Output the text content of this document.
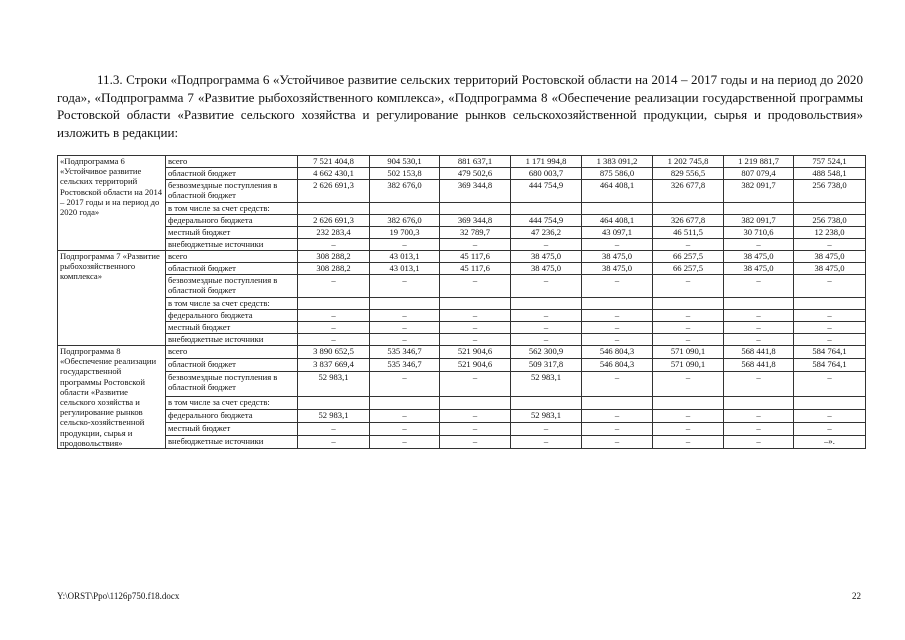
11.3. Строки «Подпрограмма 6 «Устойчивое развитие сельских территорий Ростовской области на 2014 – 2017 годы и на период до 2020 года», «Подпрограмма 7 «Развитие рыбохозяйственного комплекса», «Подпрограмма 8 «Обеспечение реализации государственной программы Ростовской области «Развитие сельского хозяйства и регулирование рынков сельскохозяйственной продукции, сырья и продовольствия» изложить в редакции:

«Подпрограмма 6 «Устойчивое развитие сельских территорий Ростовской области на 2014 – 2017 годы и на период до 2020 года»	всего	7 521 404,8	904 530,1	881 637,1	1 171 994,8	1 383 091,2	1 202 745,8	1 219 881,7	757 524,1
	областной бюджет	4 662 430,1	502 153,8	479 502,6	680 003,7	875 586,0	829 556,5	807 079,4	488 548,1
	безвозмездные поступления в областной бюджет	2 626 691,3	382 676,0	369 344,8	444 754,9	464 408,1	326 677,8	382 091,7	256 738,0
	в том числе за счет средств:								
	федерального бюджета	2 626 691,3	382 676,0	369 344,8	444 754,9	464 408,1	326 677,8	382 091,7	256 738,0
	местный бюджет	232 283,4	19 700,3	32 789,7	47 236,2	43 097,1	46 511,5	30 710,6	12 238,0
	внебюджетные источники	–	–	–	–	–	–	–	–
Подпрограмма 7 «Развитие рыбохозяйственного комплекса»	всего	308 288,2	43 013,1	45 117,6	38 475,0	38 475,0	66 257,5	38 475,0	38 475,0
	областной бюджет	308 288,2	43 013,1	45 117,6	38 475,0	38 475,0	66 257,5	38 475,0	38 475,0
	безвозмездные поступления в областной бюджет	–	–	–	–	–	–	–	–
	в том числе за счет средств:								
	федерального бюджета	–	–	–	–	–	–	–	–
	местный бюджет	–	–	–	–	–	–	–	–
	внебюджетные источники	–	–	–	–	–	–	–	–
Подпрограмма 8 «Обеспечение реализации государственной программы Ростовской области «Развитие сельского хозяйства и регулирование рынков сельско-хозяйственной продукции, сырья и продовольствия»	всего	3 890 652,5	535 346,7	521 904,6	562 300,9	546 804,3	571 090,1	568 441,8	584 764,1
	областной бюджет	3 837 669,4	535 346,7	521 904,6	509 317,8	546 804,3	571 090,1	568 441,8	584 764,1
	безвозмездные поступления в областной бюджет	52 983,1	–	–	52 983,1	–	–	–	–
	в том числе за счет средств:								
	федерального бюджета	52 983,1	–	–	52 983,1	–	–	–	–
	местный бюджет	–	–	–	–	–	–	–	–
	внебюджетные источники	–	–	–	–	–	–	–	–».
Y:\ORST\Ppo\1126p750.f18.docx	22
